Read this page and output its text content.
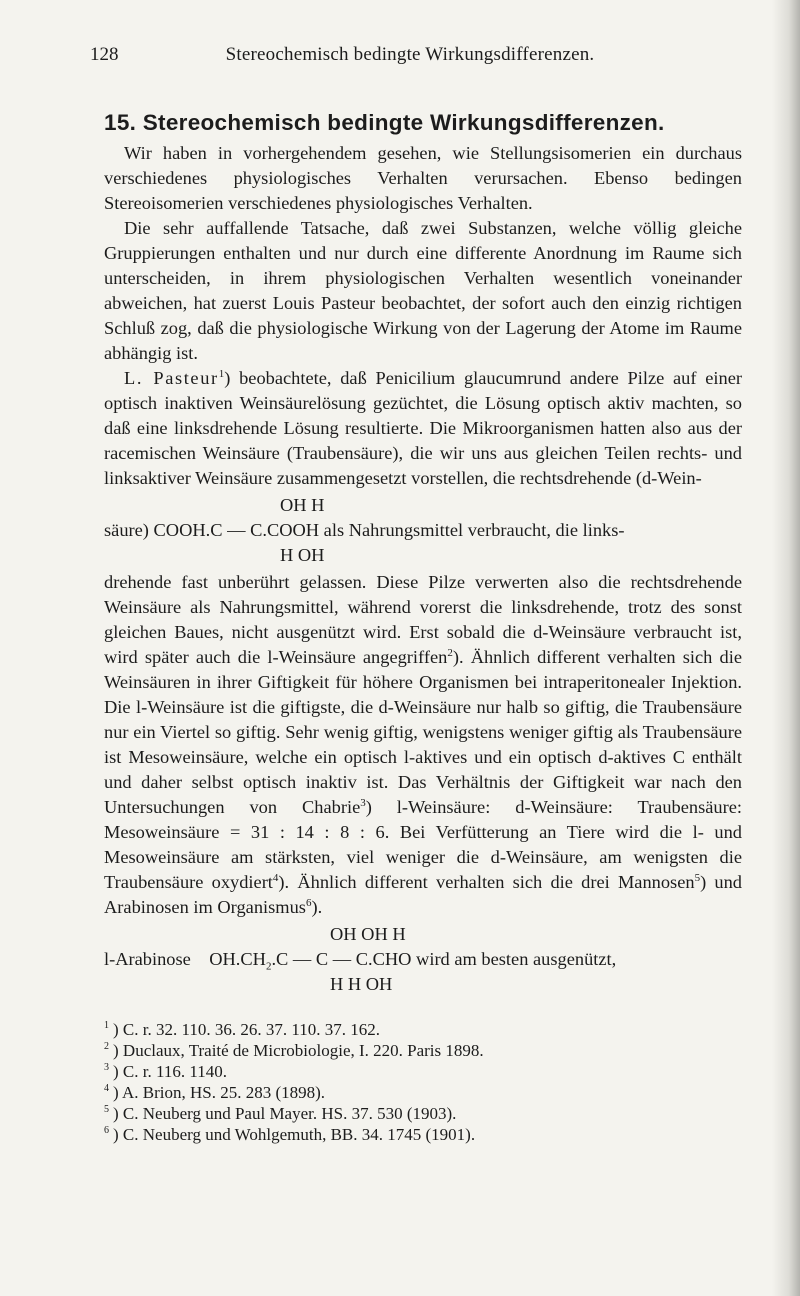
128	Stereochemisch bedingte Wirkungsdifferenzen.
15. Stereochemisch bedingte Wirkungsdifferenzen.

Wir haben in vorhergehendem gesehen, wie Stellungsisomerien ein durchaus verschiedenes physiologisches Verhalten verursachen. Ebenso bedingen Stereoisomerien verschiedenes physiologisches Verhalten.

Die sehr auffallende Tatsache, daß zwei Substanzen, welche völlig gleiche Gruppierungen enthalten und nur durch eine differente Anordnung im Raume sich unterscheiden, in ihrem physiologischen Verhalten wesentlich voneinander abweichen, hat zuerst Louis Pasteur beobachtet, der sofort auch den einzig richtigen Schluß zog, daß die physiologische Wirkung von der Lagerung der Atome im Raume abhängig ist.

L. Pasteur$^1$) beobachtete, daß Penicilium glaucumrund andere Pilze auf einer optisch inaktiven Weinsäurelösung gezüchtet, die Lösung optisch aktiv machten, so daß eine linksdrehende Lösung resultierte. Die Mikroorganismen hatten also aus der racemischen Weinsäure (Traubensäure), die wir uns aus gleichen Teilen rechts- und linksaktiver Weinsäure zusammengesetzt vorstellen, die rechtsdrehende (d-Wein-

OH H
säure) COOH.C — C.COOH als Nahrungsmittel verbraucht, die links-
H OH

drehende fast unberührt gelassen. Diese Pilze verwerten also die rechtsdrehende Weinsäure als Nahrungsmittel, während vorerst die linksdrehende, trotz des sonst gleichen Baues, nicht ausgenützt wird. Erst sobald die d-Weinsäure verbraucht ist, wird später auch die l-Weinsäure angegriffen$^2$). Ähnlich different verhalten sich die Weinsäuren in ihrer Giftigkeit für höhere Organismen bei intraperitonealer Injektion. Die l-Weinsäure ist die giftigste, die d-Weinsäure nur halb so giftig, die Traubensäure nur ein Viertel so giftig. Sehr wenig giftig, wenigstens weniger giftig als Traubensäure ist Mesoweinsäure, welche ein optisch l-aktives und ein optisch d-aktives C enthält und daher selbst optisch inaktiv ist. Das Verhältnis der Giftigkeit war nach den Untersuchungen von Chabrie$^3$) l-Weinsäure: d-Weinsäure: Traubensäure: Mesoweinsäure = 31 : 14 : 8 : 6. Bei Verfütterung an Tiere wird die l- und Mesoweinsäure am stärksten, viel weniger die d-Weinsäure, am wenigsten die Traubensäure oxydiert$^4$). Ähnlich different verhalten sich die drei Mannosen$^5$) und Arabinosen im Organismus$^6$).

OH OH H
l-Arabinose $OH.CH_2.C$ — C — C.CHO wird am besten ausgenützt,
H H OH
$^1$ ) C. r. 32. 110. 36. 26. 37. 110. 37. 162.
$^2$ ) Duclaux, Traité de Microbiologie, I. 220. Paris 1898.
$^3$ ) C. r. 116. 1140.
$^4$ ) A. Brion, HS. 25. 283 (1898).
$^5$ ) C. Neuberg und Paul Mayer. HS. 37. 530 (1903).
$^6$ ) C. Neuberg und Wohlgemuth, BB. 34. 1745 (1901).
